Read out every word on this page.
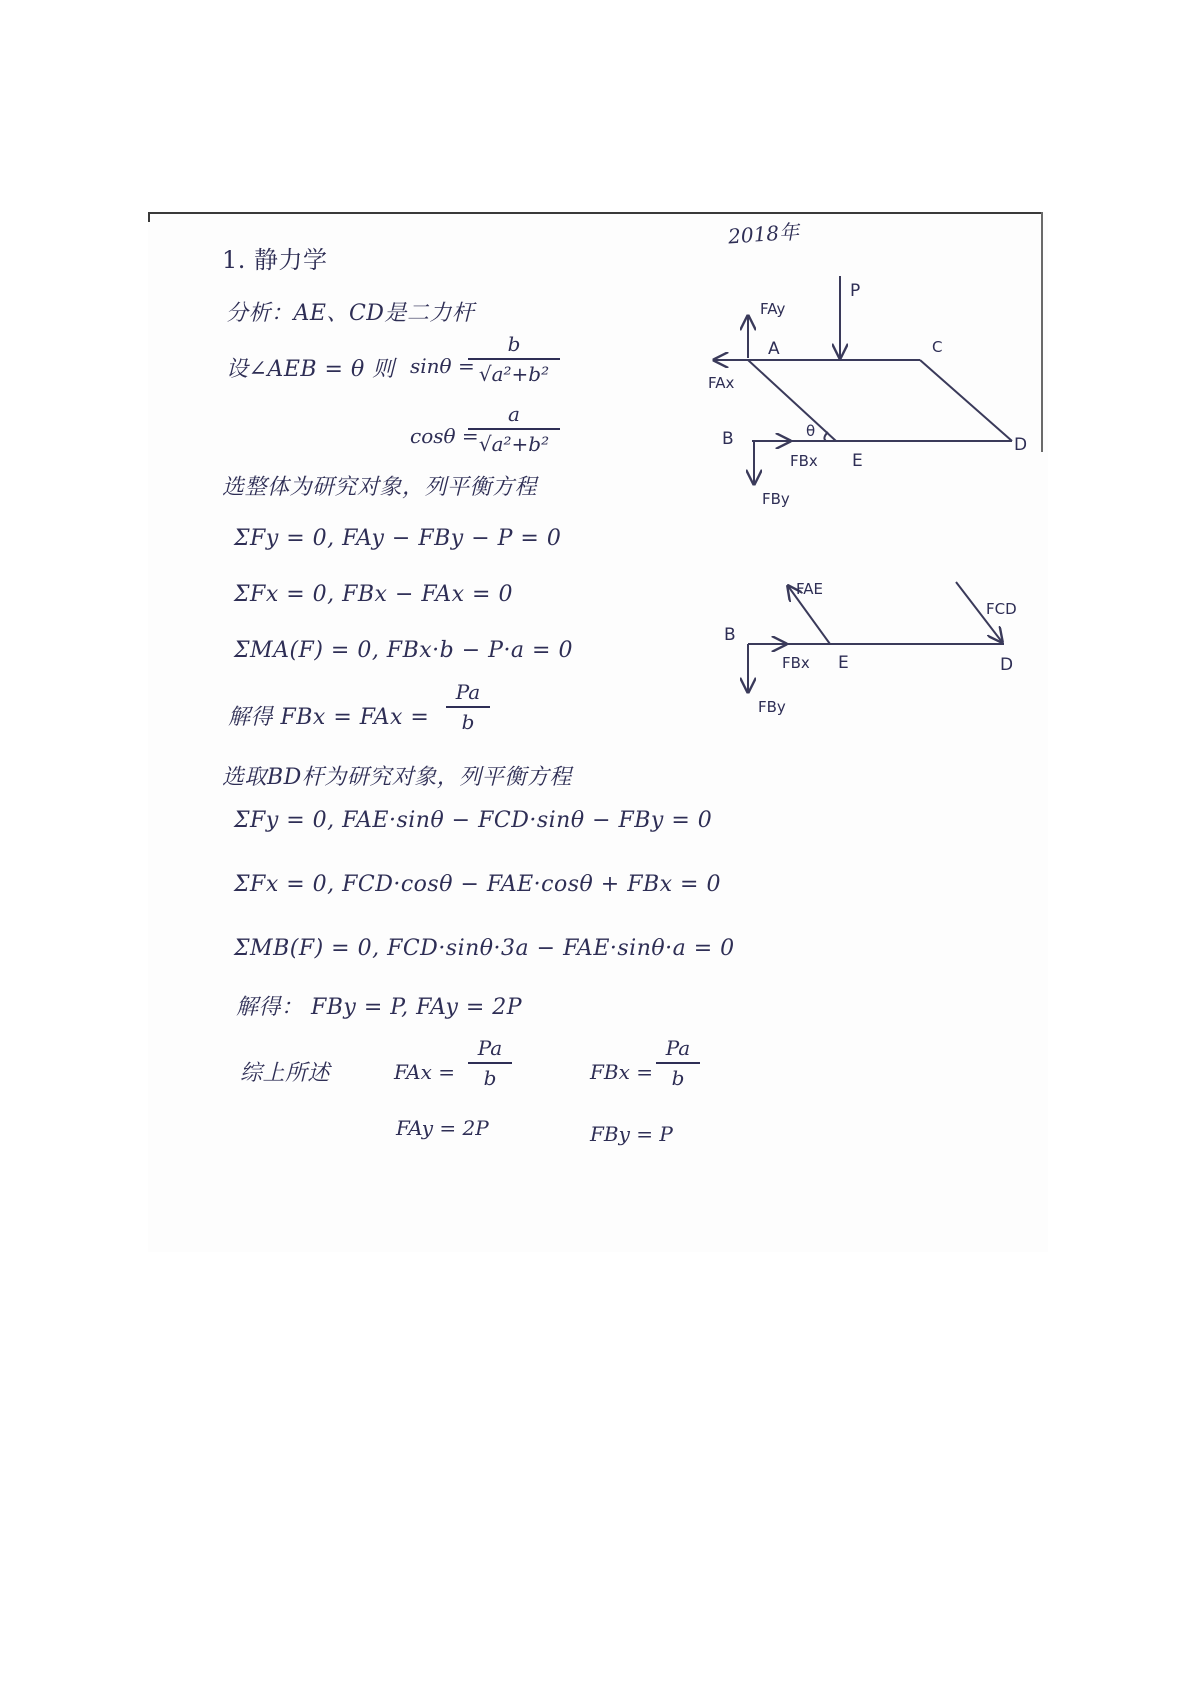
2018年
1. 静力学
分析：AE、CD是二力杆
设∠AEB = θ 则 sinθ =
b
√a²+b²
cosθ =
a
√a²+b²
选整体为研究对象，列平衡方程
ΣFy = 0, FAy − FBy − P = 0
ΣFx = 0, FBx − FAx = 0
ΣMA(F) = 0, FBx·b − P·a = 0
解得 FBx = FAx =
Pa
b
选取BD杆为研究对象，列平衡方程
ΣFy = 0, FAE·sinθ − FCD·sinθ − FBy = 0
ΣFx = 0, FCD·cosθ − FAE·cosθ + FBx = 0
ΣMB(F) = 0, FCD·sinθ·3a − FAE·sinθ·a = 0
解得： FBy = P, FAy = 2P
综上所述	FAx =
Pa
b	FBx =
Pa
b
FAy = 2P	FBy = P
P
FAy
A	C
FAx
B	θ
D
FBx E
FBy
FAE
FCD
B
FBx E	D
FBy
